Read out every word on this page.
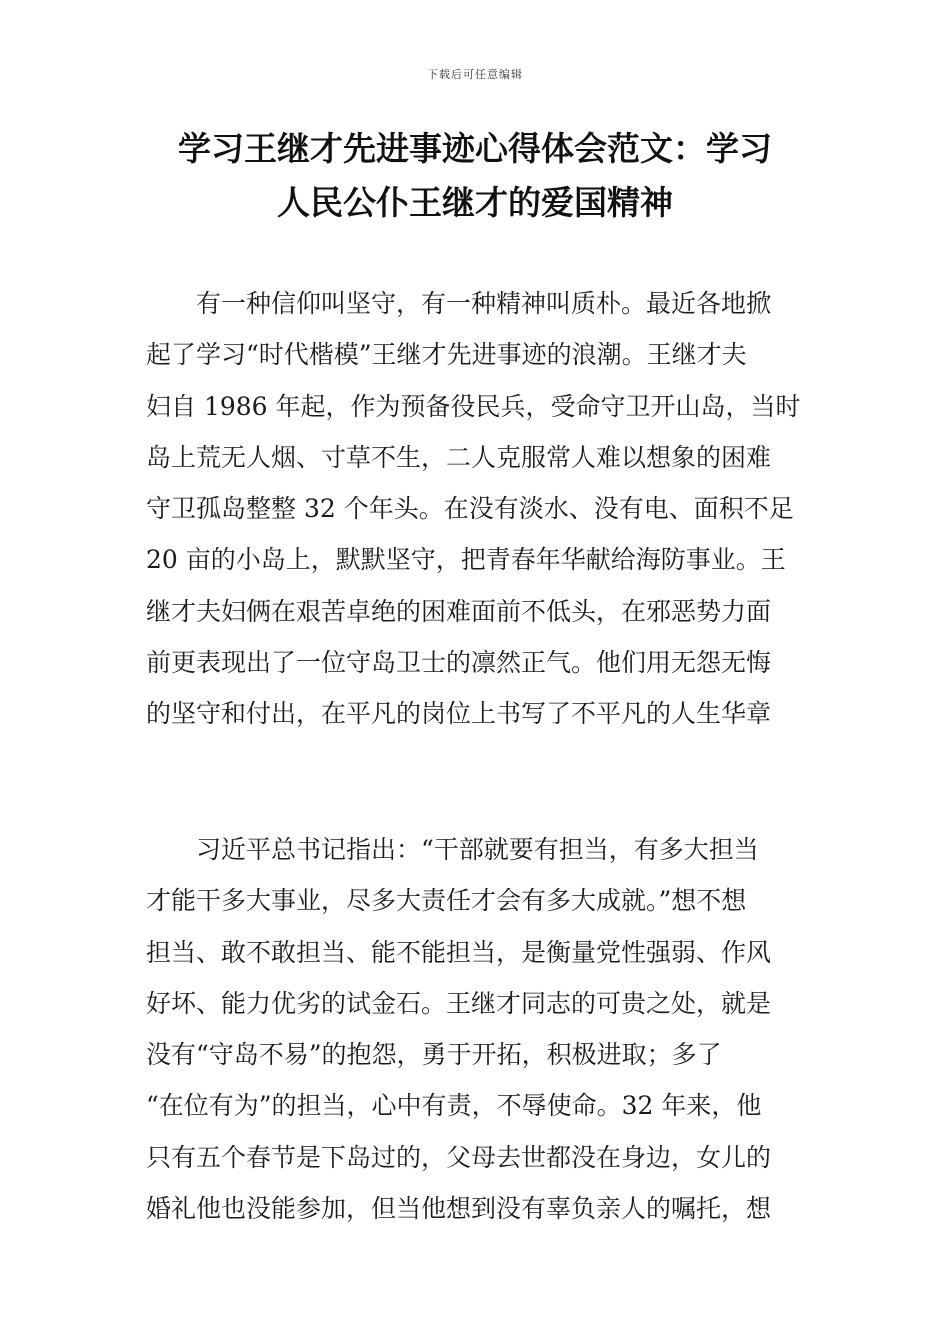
下载后可任意编辑
学习王继才先进事迹心得体会范文：学习
人民公仆王继才的爱国精神
　　有一种信仰叫坚守，有一种精神叫质朴。最近各地掀
起了学习“时代楷模”王继才先进事迹的浪潮。王继才夫
妇自 1986 年起，作为预备役民兵，受命守卫开山岛，当时
岛上荒无人烟、寸草不生，二人克服常人难以想象的困难
守卫孤岛整整 32 个年头。在没有淡水、没有电、面积不足
20 亩的小岛上，默默坚守，把青春年华献给海防事业。王
继才夫妇俩在艰苦卓绝的困难面前不低头，在邪恶势力面
前更表现出了一位守岛卫士的凛然正气。他们用无怨无悔
的坚守和付出，在平凡的岗位上书写了不平凡的人生华章
　　习近平总书记指出：“干部就要有担当，有多大担当
才能干多大事业，尽多大责任才会有多大成就。”想不想
担当、敢不敢担当、能不能担当，是衡量党性强弱、作风
好坏、能力优劣的试金石。王继才同志的可贵之处，就是
没有“守岛不易”的抱怨，勇于开拓，积极进取；多了
“在位有为”的担当，心中有责，不辱使命。32 年来，他
只有五个春节是下岛过的，父母去世都没在身边，女儿的
婚礼他也没能参加，但当他想到没有辜负亲人的嘱托，想
